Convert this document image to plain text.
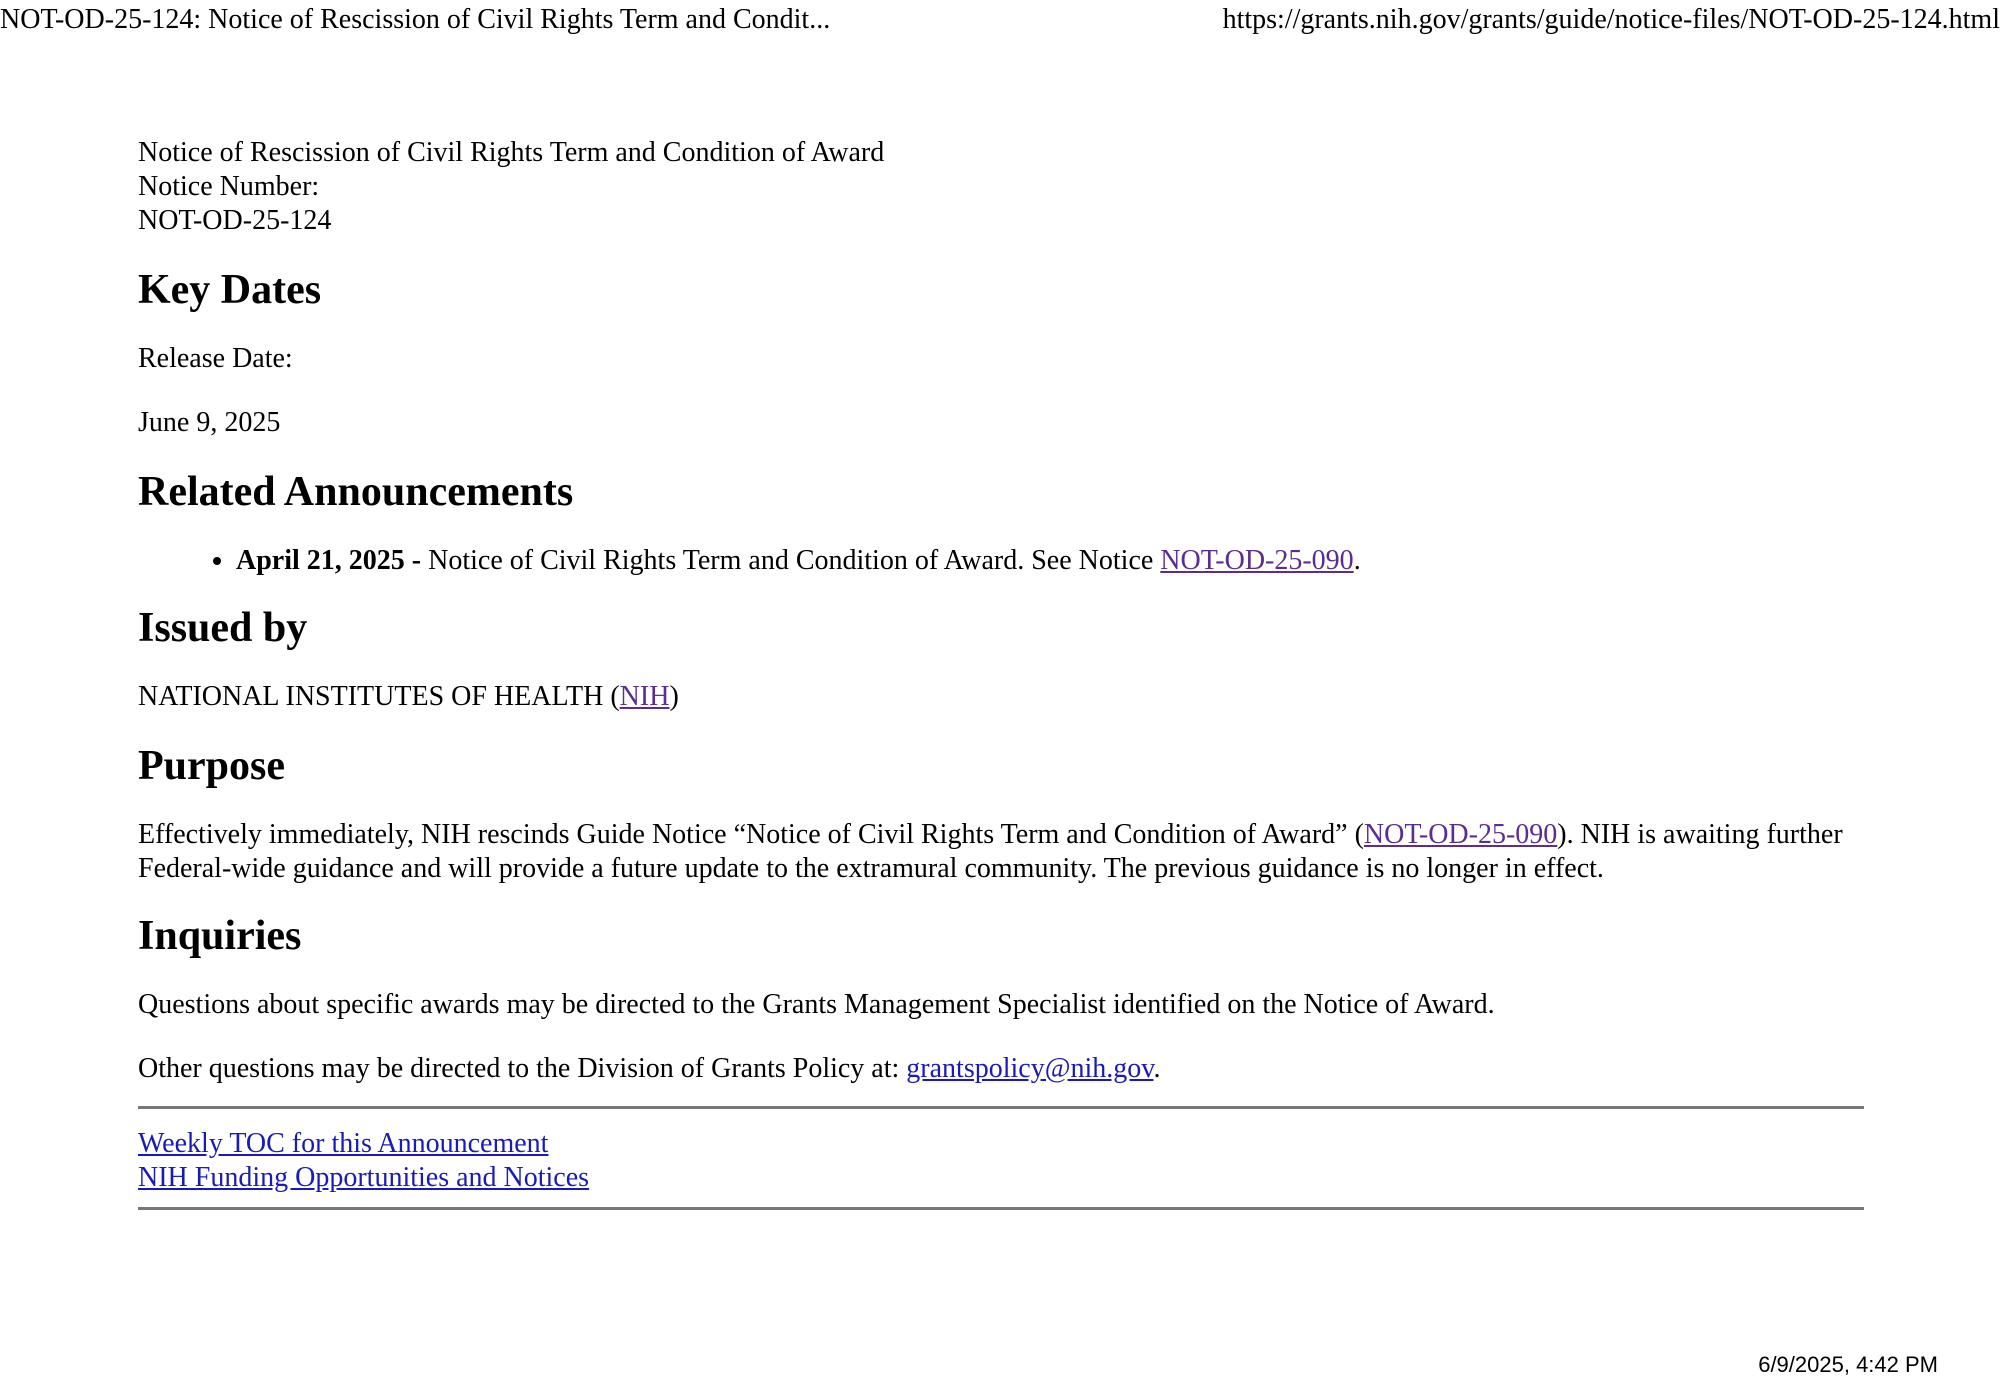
NOT-OD-25-124: Notice of Rescission of Civil Rights Term and Condit...	https://grants.nih.gov/grants/guide/notice-files/NOT-OD-25-124.html
Notice of Rescission of Civil Rights Term and Condition of Award
Notice Number:
NOT-OD-25-124
Key Dates

Release Date:

June 9, 2025

Related Announcements
• April 21, 2025 - Notice of Civil Rights Term and Condition of Award. See Notice NOT-OD-25-090.
Issued by

NATIONAL INSTITUTES OF HEALTH (NIH)

Purpose

Effectively immediately, NIH rescinds Guide Notice “Notice of Civil Rights Term and Condition of Award” (NOT-OD-25-090). NIH is awaiting further Federal-wide guidance and will provide a future update to the extramural community. The previous guidance is no longer in effect.

Inquiries

Questions about specific awards may be directed to the Grants Management Specialist identified on the Notice of Award.

Other questions may be directed to the Division of Grants Policy at: grantspolicy@nih.gov.

Weekly TOC for this Announcement

NIH Funding Opportunities and Notices

6/9/2025, 4:42 PM
